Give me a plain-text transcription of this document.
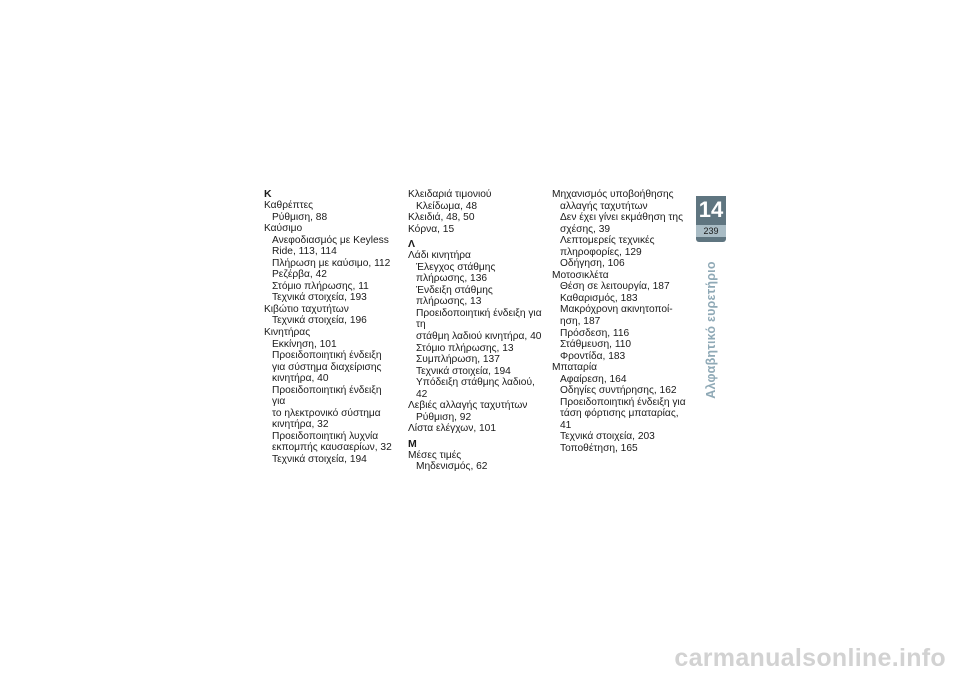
Κ
Καθρέπτες
Ρύθμιση, 88
Καύσιμο
Ανεφοδιασμός με Keyless
Ride, 113, 114
Πλήρωση με καύσιμο, 112
Ρεζέρβα, 42
Στόμιο πλήρωσης, 11
Τεχνικά στοιχεία, 193
Κιβώτιο ταχυτήτων
Τεχνικά στοιχεία, 196
Κινητήρας
Εκκίνηση, 101
Προειδοποιητική ένδειξη
για σύστημα διαχείρισης
κινητήρα, 40
Προειδοποιητική ένδειξη για
το ηλεκτρονικό σύστημα
κινητήρα, 32
Προειδοποιητική λυχνία
εκπομπής καυσαερίων, 32
Τεχνικά στοιχεία, 194
Κλειδαριά τιμονιού
Κλείδωμα, 48
Κλειδιά, 48, 50
Κόρνα, 15
Λ
Λάδι κινητήρα
Έλεγχος στάθμης
πλήρωσης, 136
Ένδειξη στάθμης πλήρωσης, 13
Προειδοποιητική ένδειξη για τη
στάθμη λαδιού κινητήρα, 40
Στόμιο πλήρωσης, 13
Συμπλήρωση, 137
Τεχνικά στοιχεία, 194
Υπόδειξη στάθμης λαδιού, 42
Λεβιές αλλαγής ταχυτήτων
Ρύθμιση, 92
Λίστα ελέγχων, 101
Μ
Μέσες τιμές
Μηδενισμός, 62
Μηχανισμός υποβοήθησης
αλλαγής ταχυτήτων
Δεν έχει γίνει εκμάθηση της
σχέσης, 39
Λεπτομερείς τεχνικές
πληροφορίες, 129
Οδήγηση, 106
Μοτοσικλέτα
Θέση σε λειτουργία, 187
Καθαρισμός, 183
Μακρόχρονη ακινητοποί-
ηση, 187
Πρόσδεση, 116
Στάθμευση, 110
Φροντίδα, 183
Μπαταρία
Αφαίρεση, 164
Οδηγίες συντήρησης, 162
Προειδοποιητική ένδειξη για
τάση φόρτισης μπαταρίας, 41
Τεχνικά στοιχεία, 203
Τοποθέτηση, 165
14
239
Αλφαβητικό ευρετήριο
carmanualsonline.info
